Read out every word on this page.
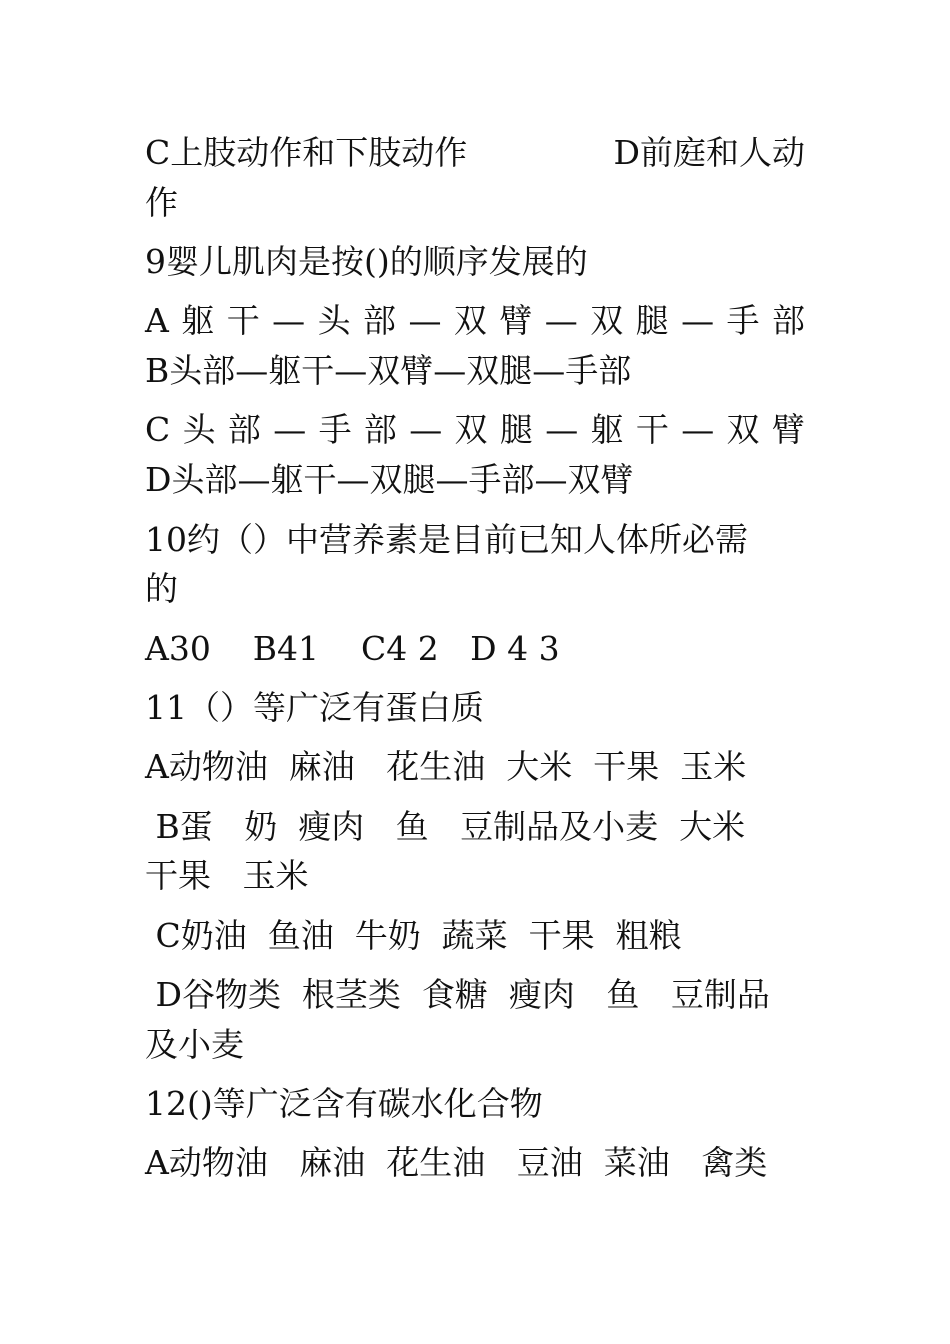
C上肢动作和下肢动作	D前庭和人动
作
9婴儿肌肉是按()的顺序发展的
A 躯 干 — 头 部 — 双 臂 — 双 腿 — 手 部
B头部—躯干—双臂—双腿—手部
C 头 部 — 手 部 — 双 腿 — 躯 干 — 双 臂
D头部—躯干—双腿—手部—双臂
10约（）中营养素是目前已知人体所必需
的
A30    B41    C4 2   D 4 3
11（）等广泛有蛋白质
A动物油  麻油   花生油  大米  干果  玉米
B蛋   奶  瘦肉   鱼   豆制品及小麦  大米
干果   玉米
C奶油  鱼油  牛奶  蔬菜  干果  粗粮
D谷物类  根茎类  食糖  瘦肉   鱼   豆制品
及小麦
12()等广泛含有碳水化合物
A动物油   麻油  花生油   豆油  菜油   禽类
